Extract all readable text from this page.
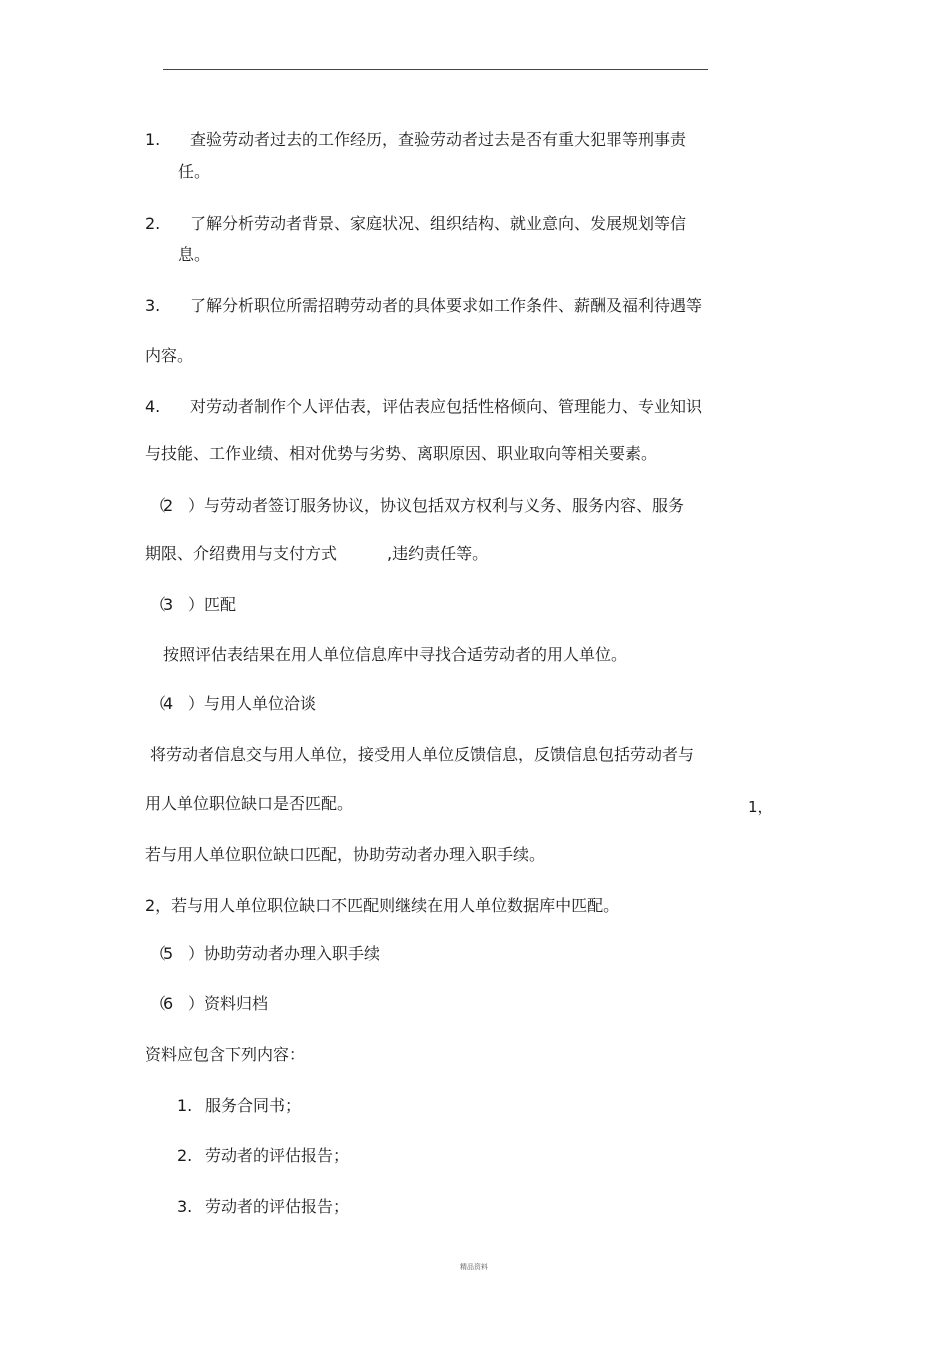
1. 查验劳动者过去的工作经历，查验劳动者过去是否有重大犯罪等刑事责
任。
2. 了解分析劳动者背景、家庭状况、组织结构、就业意向、发展规划等信
息。
3. 了解分析职位所需招聘劳动者的具体要求如工作条件、薪酬及福利待遇等
内容。
4. 对劳动者制作个人评估表，评估表应包括性格倾向、管理能力、专业知识
与技能、工作业绩、相对优势与劣势、离职原因、职业取向等相关要素。
（2 ）与劳动者签订服务协议，协议包括双方权利与义务、服务内容、服务
期限、介绍费用与支付方式	,违约责任等。
（3 ）匹配
按照评估表结果在用人单位信息库中寻找合适劳动者的用人单位。
（4 ）与用人单位洽谈
将劳动者信息交与用人单位，接受用人单位反馈信息，反馈信息包括劳动者与
用人单位职位缺口是否匹配。	1，
若与用人单位职位缺口匹配，协助劳动者办理入职手续。
2，若与用人单位职位缺口不匹配则继续在用人单位数据库中匹配。
（5 ）协助劳动者办理入职手续
（6 ）资料归档
资料应包含下列内容：
1. 服务合同书；
2. 劳动者的评估报告；
3. 劳动者的评估报告；
精品资料
